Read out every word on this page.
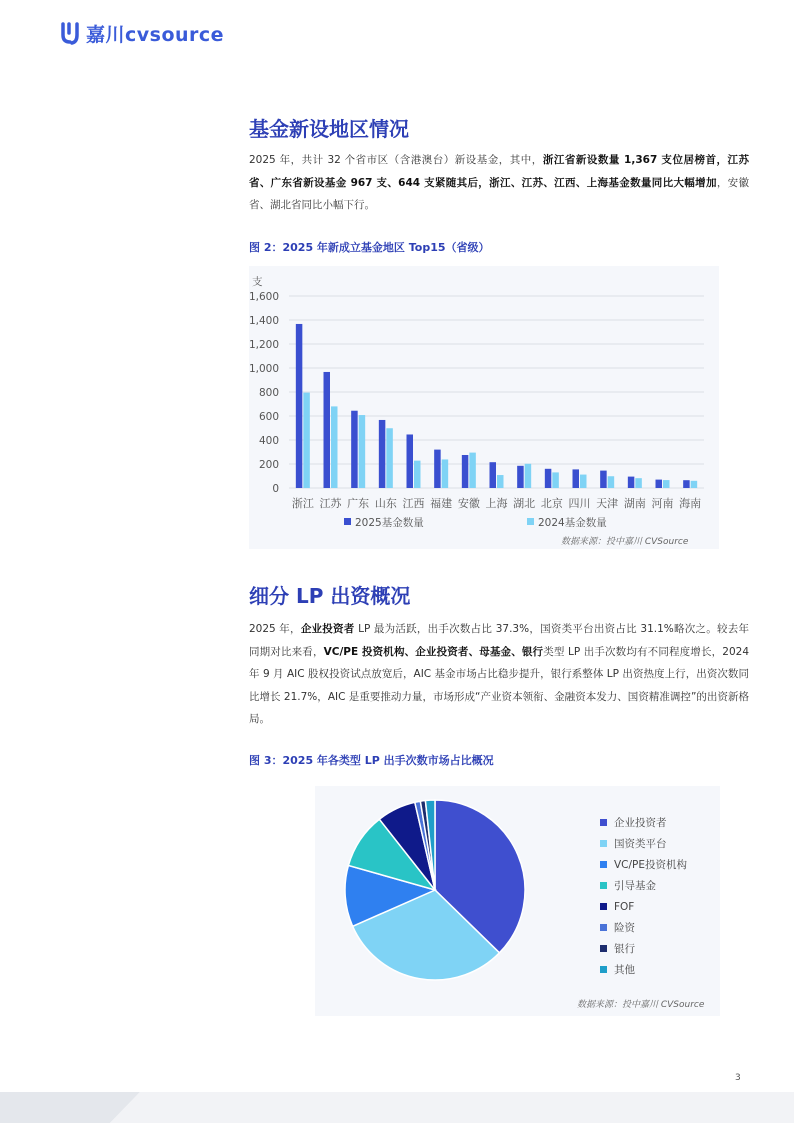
嘉川cvsource
基金新设地区情况
2025 年，共计 32 个省市区（含港澳台）新设基金，其中，浙江省新设数量 1,367 支位居榜首，江苏省、广东省新设基金 967 支、644 支紧随其后，浙江、江苏、江西、上海基金数量同比大幅增加，安徽省、湖北省同比小幅下行。
图 2：2025 年新成立基金地区 Top15（省级）
支
0
200
400
600
800
1,000
1,200
1,400
1,600
浙江 江苏 广东 山东 江西 福建 安徽 上海 湖北 北京 四川 天津 湖南 河南 海南
2025基金数量	2024基金数量
数据来源：投中嘉川 CVSource
细分 LP 出资概况
2025 年，企业投资者 LP 最为活跃，出手次数占比 37.3%，国资类平台出资占比 31.1%略次之。较去年同期对比来看，VC/PE 投资机构、企业投资者、母基金、银行类型 LP 出手次数均有不同程度增长，2024 年 9 月 AIC 股权投资试点放宽后，AIC 基金市场占比稳步提升，银行系整体 LP 出资热度上行，出资次数同比增长 21.7%，AIC 是重要推动力量，市场形成“产业资本领衔、金融资本发力、国资精准调控”的出资新格局。
图 3：2025 年各类型 LP 出手次数市场占比概况
企业投资者
国资类平台
VC/PE投资机构
引导基金
FOF
险资
银行
其他
数据来源：投中嘉川 CVSource
3
